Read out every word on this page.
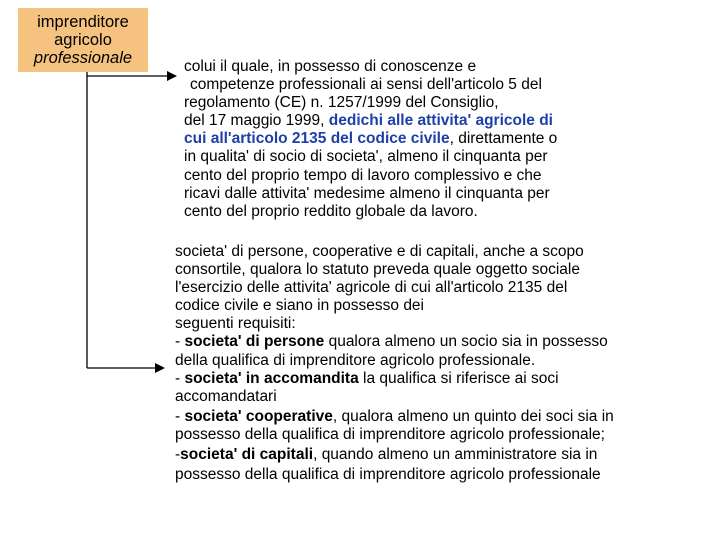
imprenditore
agricolo
professionale	colui il quale, in possesso di conoscenze e
competenze professionali ai sensi dell'articolo 5 del
regolamento (CE) n. 1257/1999 del Consiglio,
del 17 maggio 1999, dedichi alle attivita' agricole di
cui all'articolo 2135 del codice civile, direttamente o
in qualita' di socio di societa', almeno il cinquanta per
cento del proprio tempo di lavoro complessivo e che
ricavi dalle attivita' medesime almeno il cinquanta per
cento del proprio reddito globale da lavoro.

societa' di persone, cooperative e di capitali, anche a scopo
consortile, qualora lo statuto preveda quale oggetto sociale
l'esercizio delle attivita' agricole di cui all'articolo 2135 del
codice civile e siano in possesso dei
seguenti requisiti:
- societa' di persone qualora almeno un socio sia in possesso
della qualifica di imprenditore agricolo professionale.
- societa' in accomandita la qualifica si riferisce ai soci
accomandatari
- societa' cooperative, qualora almeno un quinto dei soci sia in
possesso della qualifica di imprenditore agricolo professionale;
-societa' di capitali, quando almeno un amministratore sia in
possesso della qualifica di imprenditore agricolo professionale
